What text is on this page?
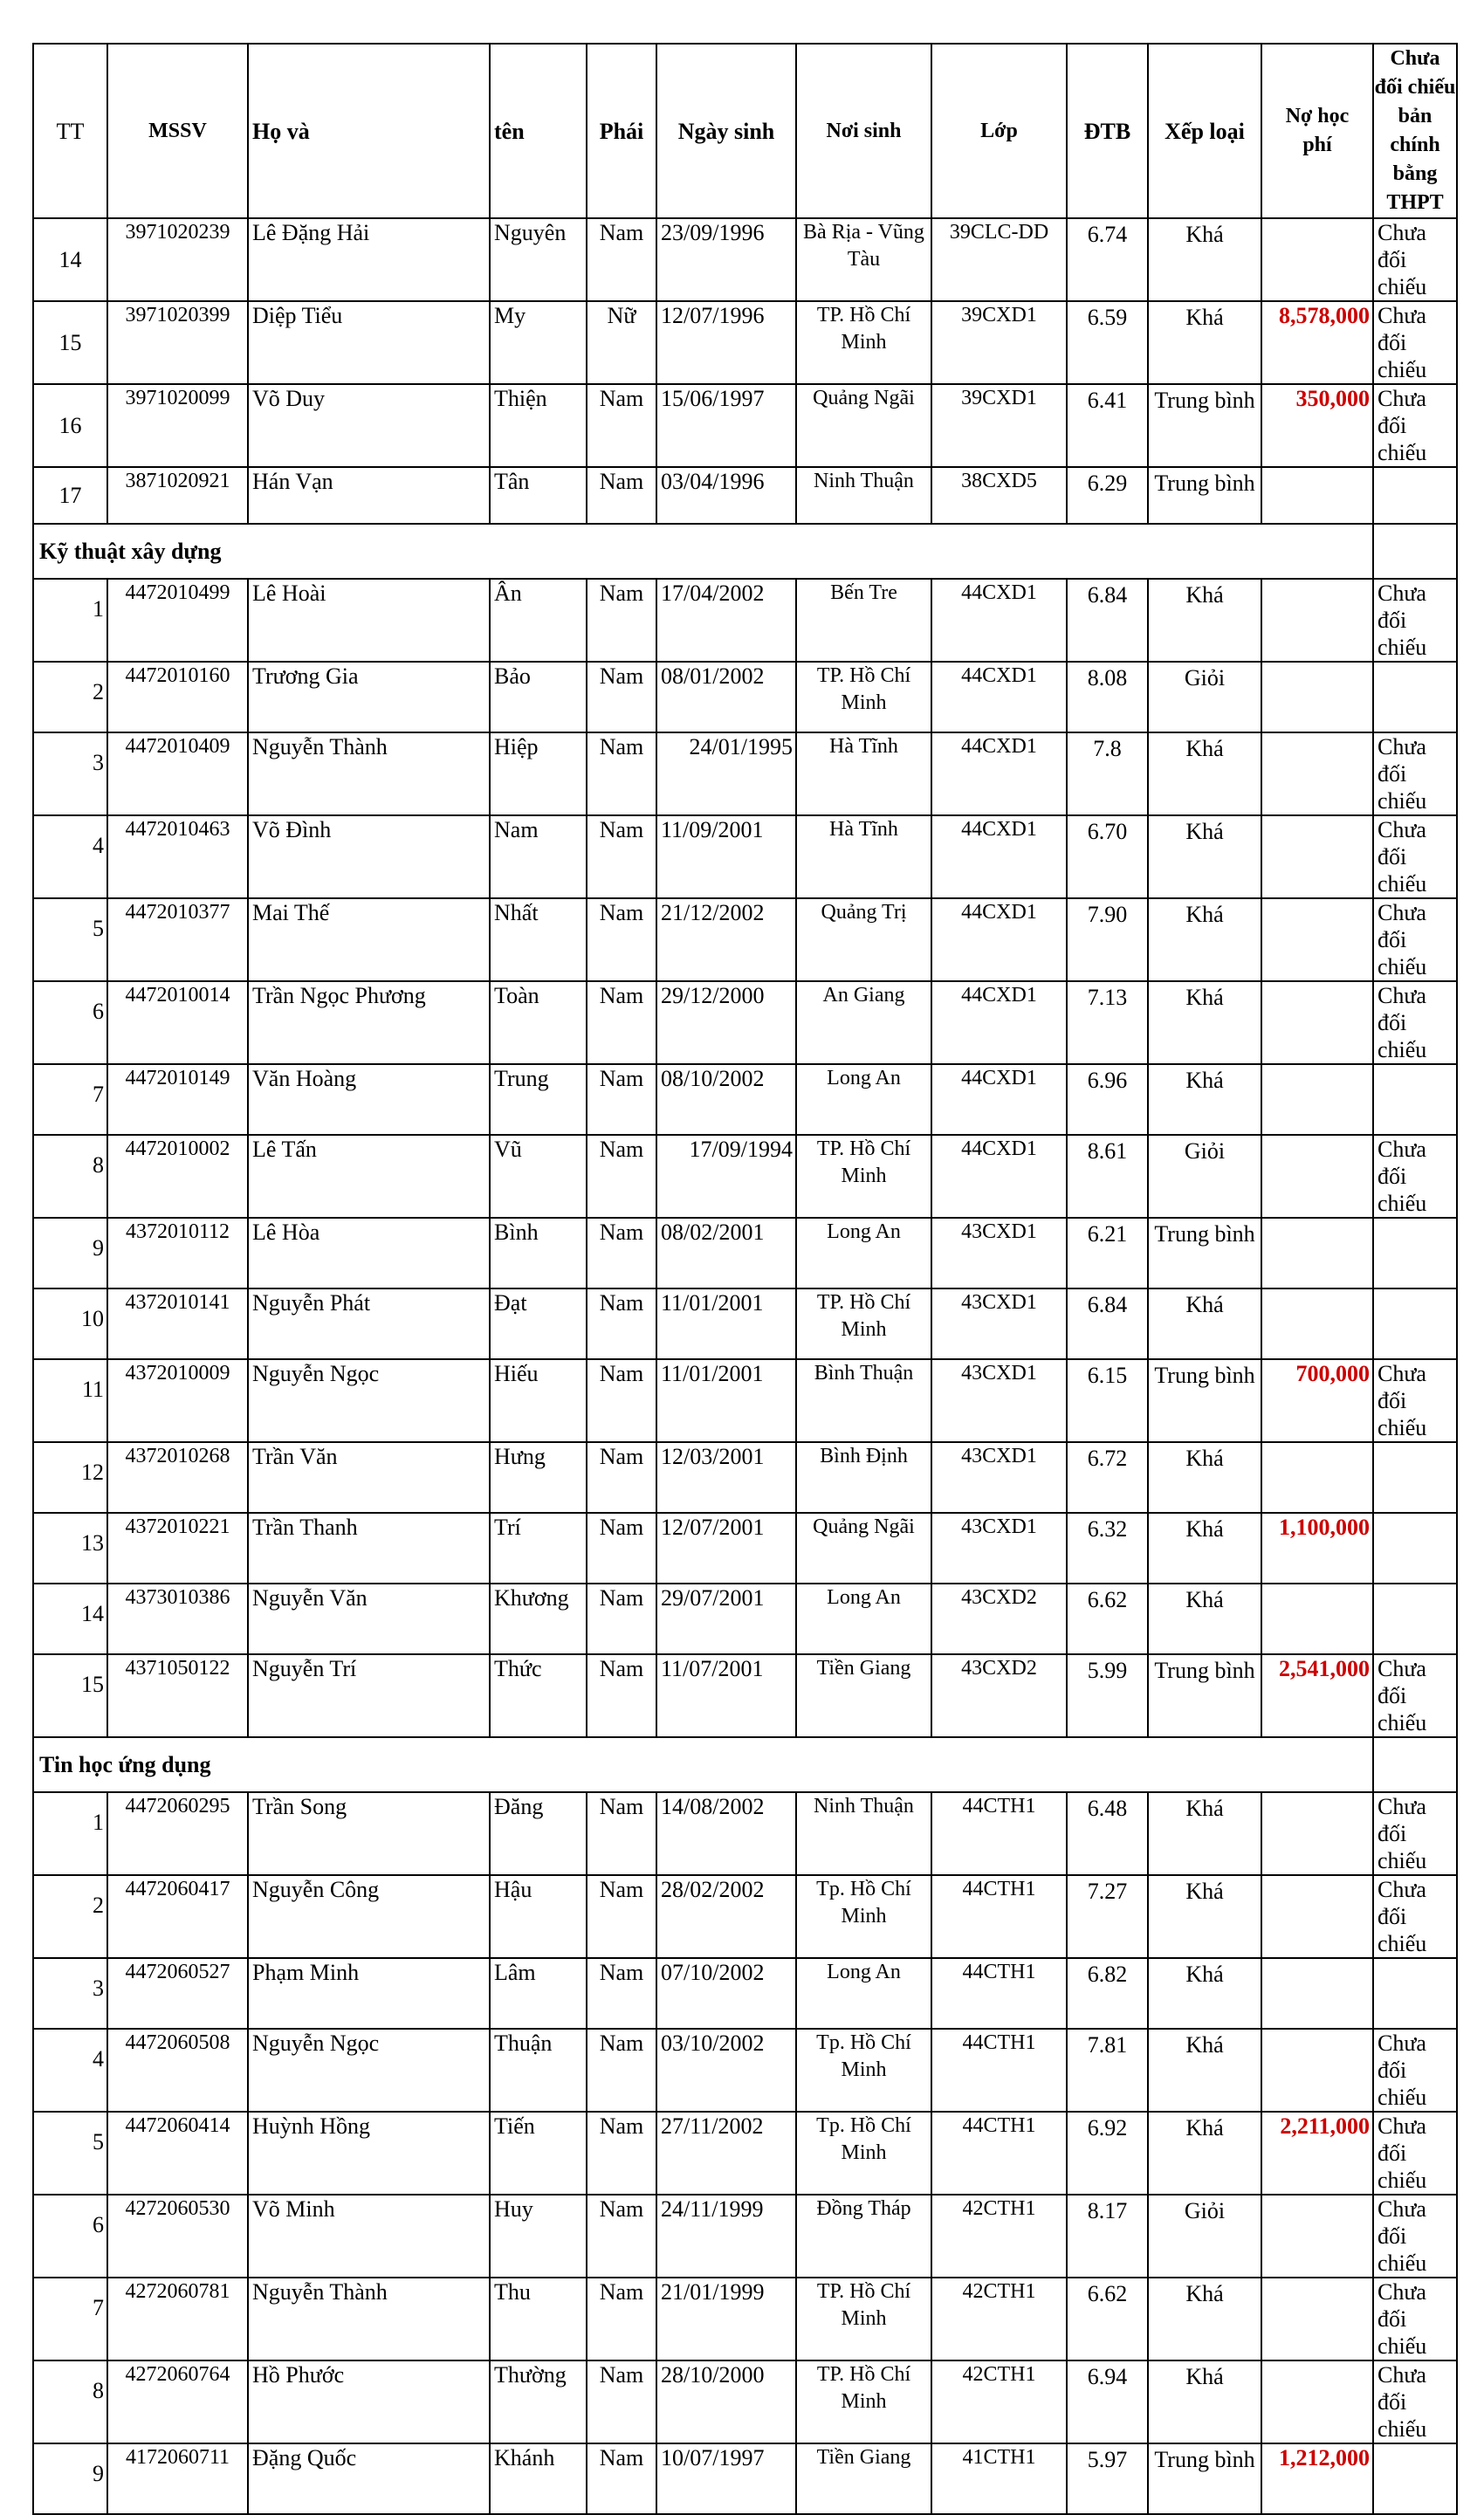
TT	MSSV	Họ và	tên	Phái	Ngày sinh	Nơi sinh	Lớp	ĐTB	Xếp loại	Nợ học phí	Chưa đối chiếu bản chính bằng THPT
14	3971020239	Lê Đặng Hải	Nguyên	Nam	23/09/1996	Bà Rịa - Vũng Tàu	39CLC-DD	6.74	Khá		Chưa đối chiếu
15	3971020399	Diệp Tiểu	My	Nữ	12/07/1996	TP. Hồ Chí Minh	39CXD1	6.59	Khá	8,578,000	Chưa đối chiếu
16	3971020099	Võ Duy	Thiện	Nam	15/06/1997	Quảng Ngãi	39CXD1	6.41	Trung bình	350,000	Chưa đối chiếu
17	3871020921	Hán Vạn	Tân	Nam	03/04/1996	Ninh Thuận	38CXD5	6.29	Trung bình		
Kỹ thuật xây dựng											
1	4472010499	Lê Hoài	Ân	Nam	17/04/2002	Bến Tre	44CXD1	6.84	Khá		Chưa đối chiếu
2	4472010160	Trương Gia	Bảo	Nam	08/01/2002	TP. Hồ Chí Minh	44CXD1	8.08	Giỏi		
3	4472010409	Nguyễn Thành	Hiệp	Nam	24/01/1995	Hà Tĩnh	44CXD1	7.8	Khá		Chưa đối chiếu
4	4472010463	Võ Đình	Nam	Nam	11/09/2001	Hà Tĩnh	44CXD1	6.70	Khá		Chưa đối chiếu
5	4472010377	Mai Thế	Nhất	Nam	21/12/2002	Quảng Trị	44CXD1	7.90	Khá		Chưa đối chiếu
6	4472010014	Trần Ngọc Phương	Toàn	Nam	29/12/2000	An Giang	44CXD1	7.13	Khá		Chưa đối chiếu
7	4472010149	Văn Hoàng	Trung	Nam	08/10/2002	Long An	44CXD1	6.96	Khá		
8	4472010002	Lê Tấn	Vũ	Nam	17/09/1994	TP. Hồ Chí Minh	44CXD1	8.61	Giỏi		Chưa đối chiếu
9	4372010112	Lê Hòa	Bình	Nam	08/02/2001	Long An	43CXD1	6.21	Trung bình		
10	4372010141	Nguyễn Phát	Đạt	Nam	11/01/2001	TP. Hồ Chí Minh	43CXD1	6.84	Khá		
11	4372010009	Nguyễn Ngọc	Hiếu	Nam	11/01/2001	Bình Thuận	43CXD1	6.15	Trung bình	700,000	Chưa đối chiếu
12	4372010268	Trần Văn	Hưng	Nam	12/03/2001	Bình Định	43CXD1	6.72	Khá		
13	4372010221	Trần Thanh	Trí	Nam	12/07/2001	Quảng Ngãi	43CXD1	6.32	Khá	1,100,000	
14	4373010386	Nguyễn Văn	Khương	Nam	29/07/2001	Long An	43CXD2	6.62	Khá		
15	4371050122	Nguyễn Trí	Thức	Nam	11/07/2001	Tiền Giang	43CXD2	5.99	Trung bình	2,541,000	Chưa đối chiếu
Tin học ứng dụng											
1	4472060295	Trần Song	Đăng	Nam	14/08/2002	Ninh Thuận	44CTH1	6.48	Khá		Chưa đối chiếu
2	4472060417	Nguyễn Công	Hậu	Nam	28/02/2002	Tp. Hồ Chí Minh	44CTH1	7.27	Khá		Chưa đối chiếu
3	4472060527	Phạm Minh	Lâm	Nam	07/10/2002	Long An	44CTH1	6.82	Khá		
4	4472060508	Nguyễn Ngọc	Thuận	Nam	03/10/2002	Tp. Hồ Chí Minh	44CTH1	7.81	Khá		Chưa đối chiếu
5	4472060414	Huỳnh Hồng	Tiến	Nam	27/11/2002	Tp. Hồ Chí Minh	44CTH1	6.92	Khá	2,211,000	Chưa đối chiếu
6	4272060530	Võ Minh	Huy	Nam	24/11/1999	Đồng Tháp	42CTH1	8.17	Giỏi		Chưa đối chiếu
7	4272060781	Nguyễn Thành	Thu	Nam	21/01/1999	TP. Hồ Chí Minh	42CTH1	6.62	Khá		Chưa đối chiếu
8	4272060764	Hồ Phước	Thường	Nam	28/10/2000	TP. Hồ Chí Minh	42CTH1	6.94	Khá		Chưa đối chiếu
9	4172060711	Đặng Quốc	Khánh	Nam	10/07/1997	Tiền Giang	41CTH1	5.97	Trung bình	1,212,000	
